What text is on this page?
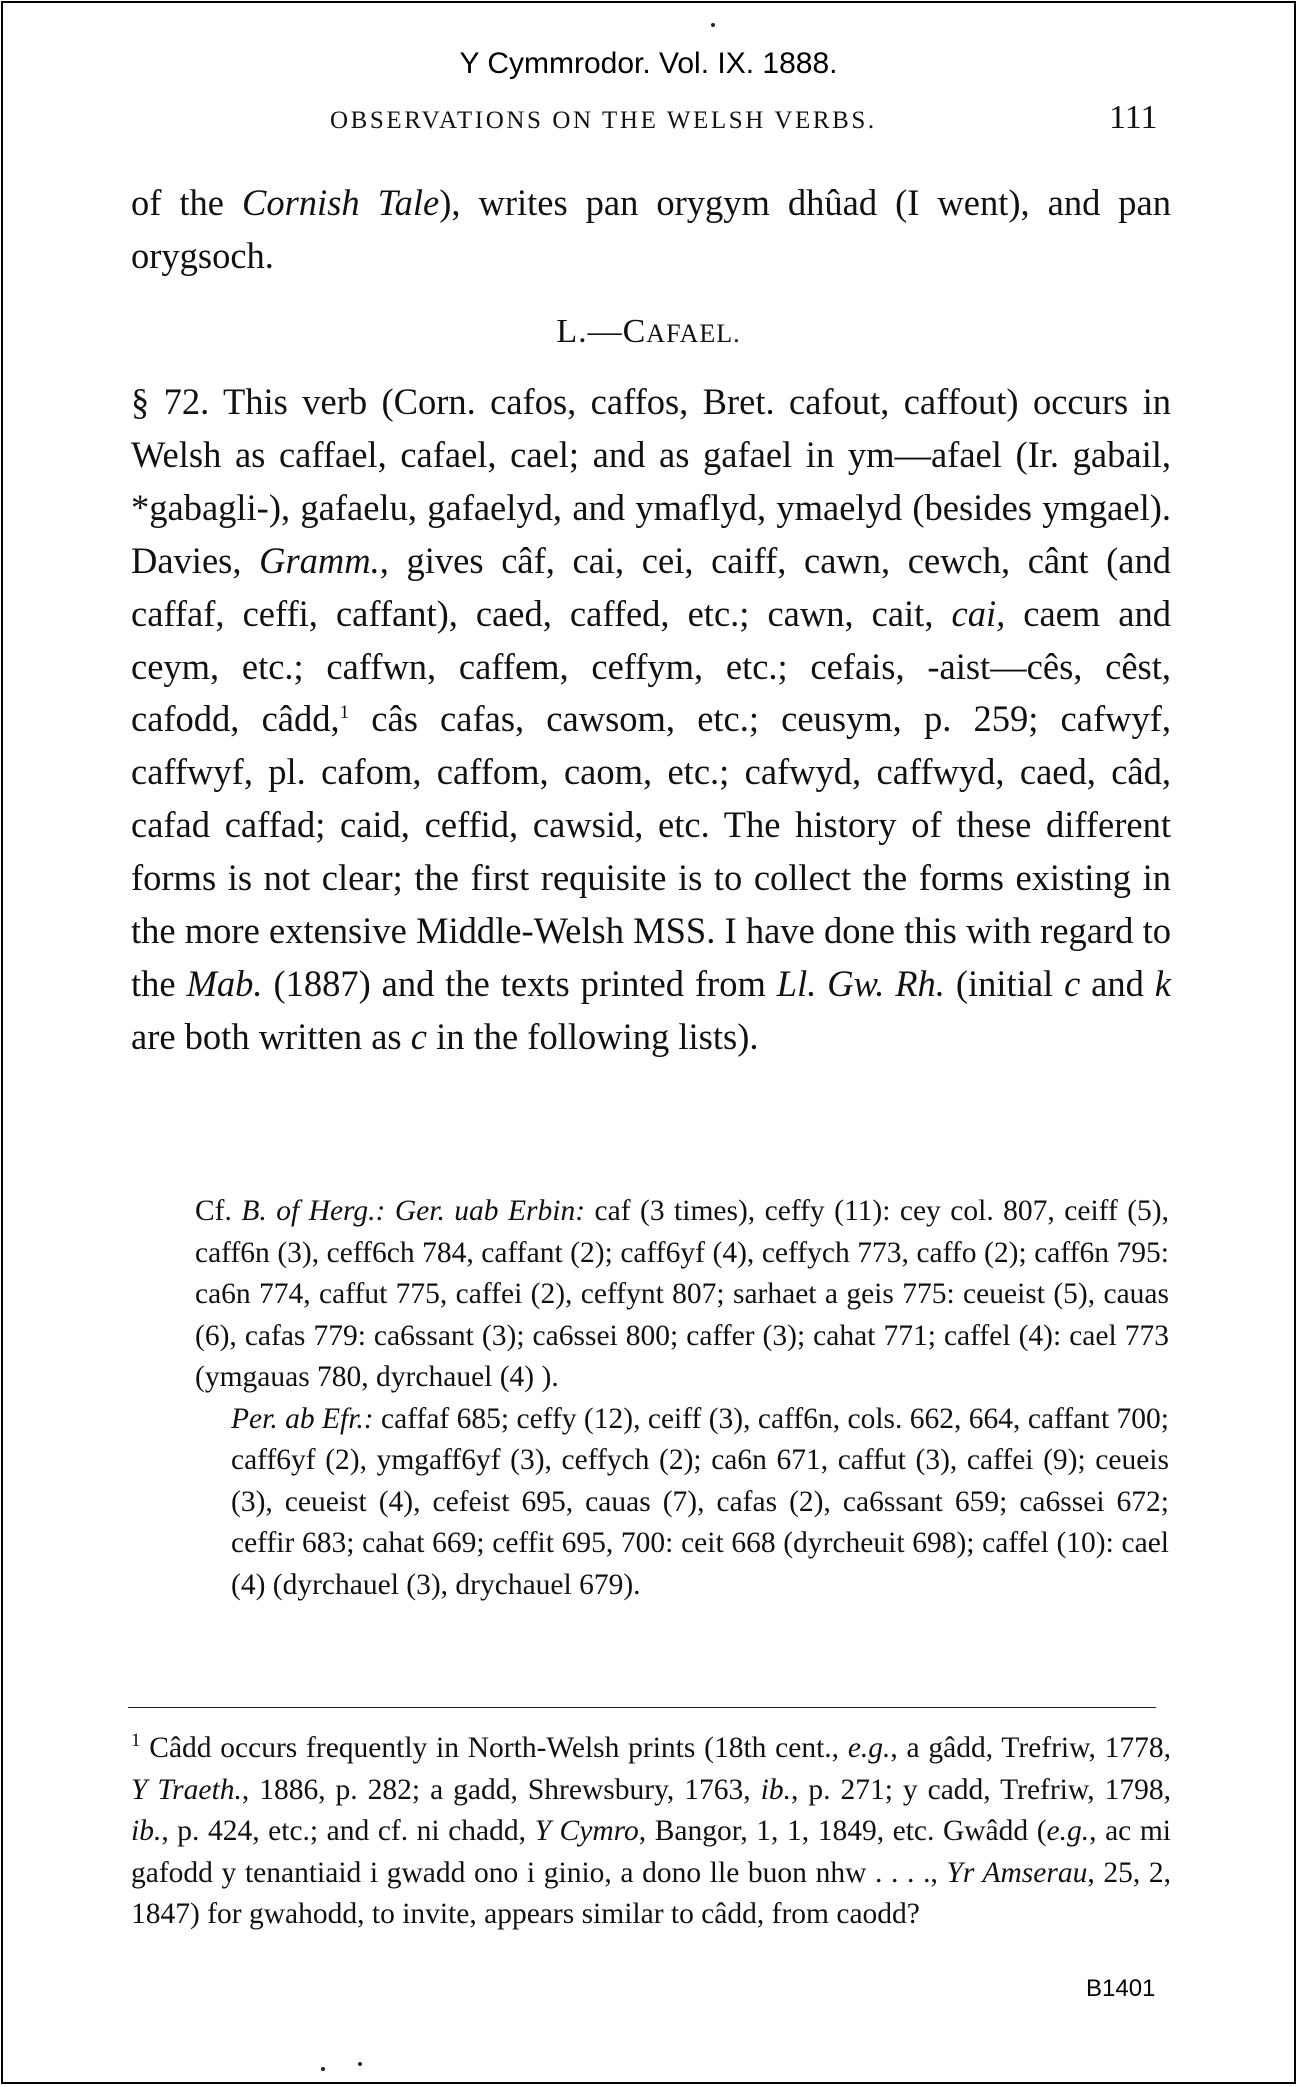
Y Cymmrodor. Vol. IX. 1888.
OBSERVATIONS ON THE WELSH VERBS.	111
of the Cornish Tale), writes pan orygym dhûad (I went), and pan orygsoch.
L.—CAFAEL.
§ 72. This verb (Corn. cafos, caffos, Bret. cafout, caffout) occurs in Welsh as caffael, cafael, cael; and as gafael in ym—afael (Ir. gabail, *gabagli-), gafaelu, gafaelyd, and ymaflyd, ymaelyd (besides ymgael). Davies, Gramm., gives câf, cai, cei, caiff, cawn, cewch, cânt (and caffaf, ceffi, caffant), caed, caffed, etc.; cawn, cait, cai, caem and ceym, etc.; caffwn, caffem, ceffym, etc.; cefais, -aist—cês, cêst, cafodd, câdd,$^1$ câs cafas, cawsom, etc.; ceusym, p. 259; cafwyf, caffwyf, pl. cafom, caffom, caom, etc.; cafwyd, caffwyd, caed, câd, cafad caffad; caid, ceffid, cawsid, etc. The history of these different forms is not clear; the first requisite is to collect the forms existing in the more extensive Middle-Welsh MSS. I have done this with regard to the Mab. (1887) and the texts printed from Ll. Gw. Rh. (initial c and k are both written as c in the following lists).
Cf. B. of Herg.: Ger. uab Erbin: caf (3 times), ceffy (11): cey col. 807, ceiff (5), caff6n (3), ceff6ch 784, caffant (2); caff6yf (4), ceffych 773, caffo (2); caff6n 795: ca6n 774, caffut 775, caffei (2), ceffynt 807; sarhaet a geis 775: ceueist (5), cauas (6), cafas 779: ca6ssant (3); ca6ssei 800; caffer (3); cahat 771; caffel (4): cael 773 (ymgauas 780, dyrchauel (4) ).
Per. ab Efr.: caffaf 685; ceffy (12), ceiff (3), caff6n, cols. 662, 664, caffant 700; caff6yf (2), ymgaff6yf (3), ceffych (2); ca6n 671, caffut (3), caffei (9); ceueis (3), ceueist (4), cefeist 695, cauas (7), cafas (2), ca6ssant 659; ca6ssei 672; ceffir 683; cahat 669; ceffit 695, 700: ceit 668 (dyrcheuit 698); caffel (10): cael (4) (dyrchauel (3), drychauel 679).
$^1$ Câdd occurs frequently in North-Welsh prints (18th cent., e.g., a gâdd, Trefriw, 1778, Y Traeth., 1886, p. 282; a gadd, Shrewsbury, 1763, ib., p. 271; y cadd, Trefriw, 1798, ib., p. 424, etc.; and cf. ni chadd, Y Cymro, Bangor, 1, 1, 1849, etc. Gwâdd (e.g., ac mi gafodd y tenantiaid i gwadd ono i ginio, a dono lle buon nhw . . . ., Yr Amserau, 25, 2, 1847) for gwahodd, to invite, appears similar to câdd, from caodd?
B1401
